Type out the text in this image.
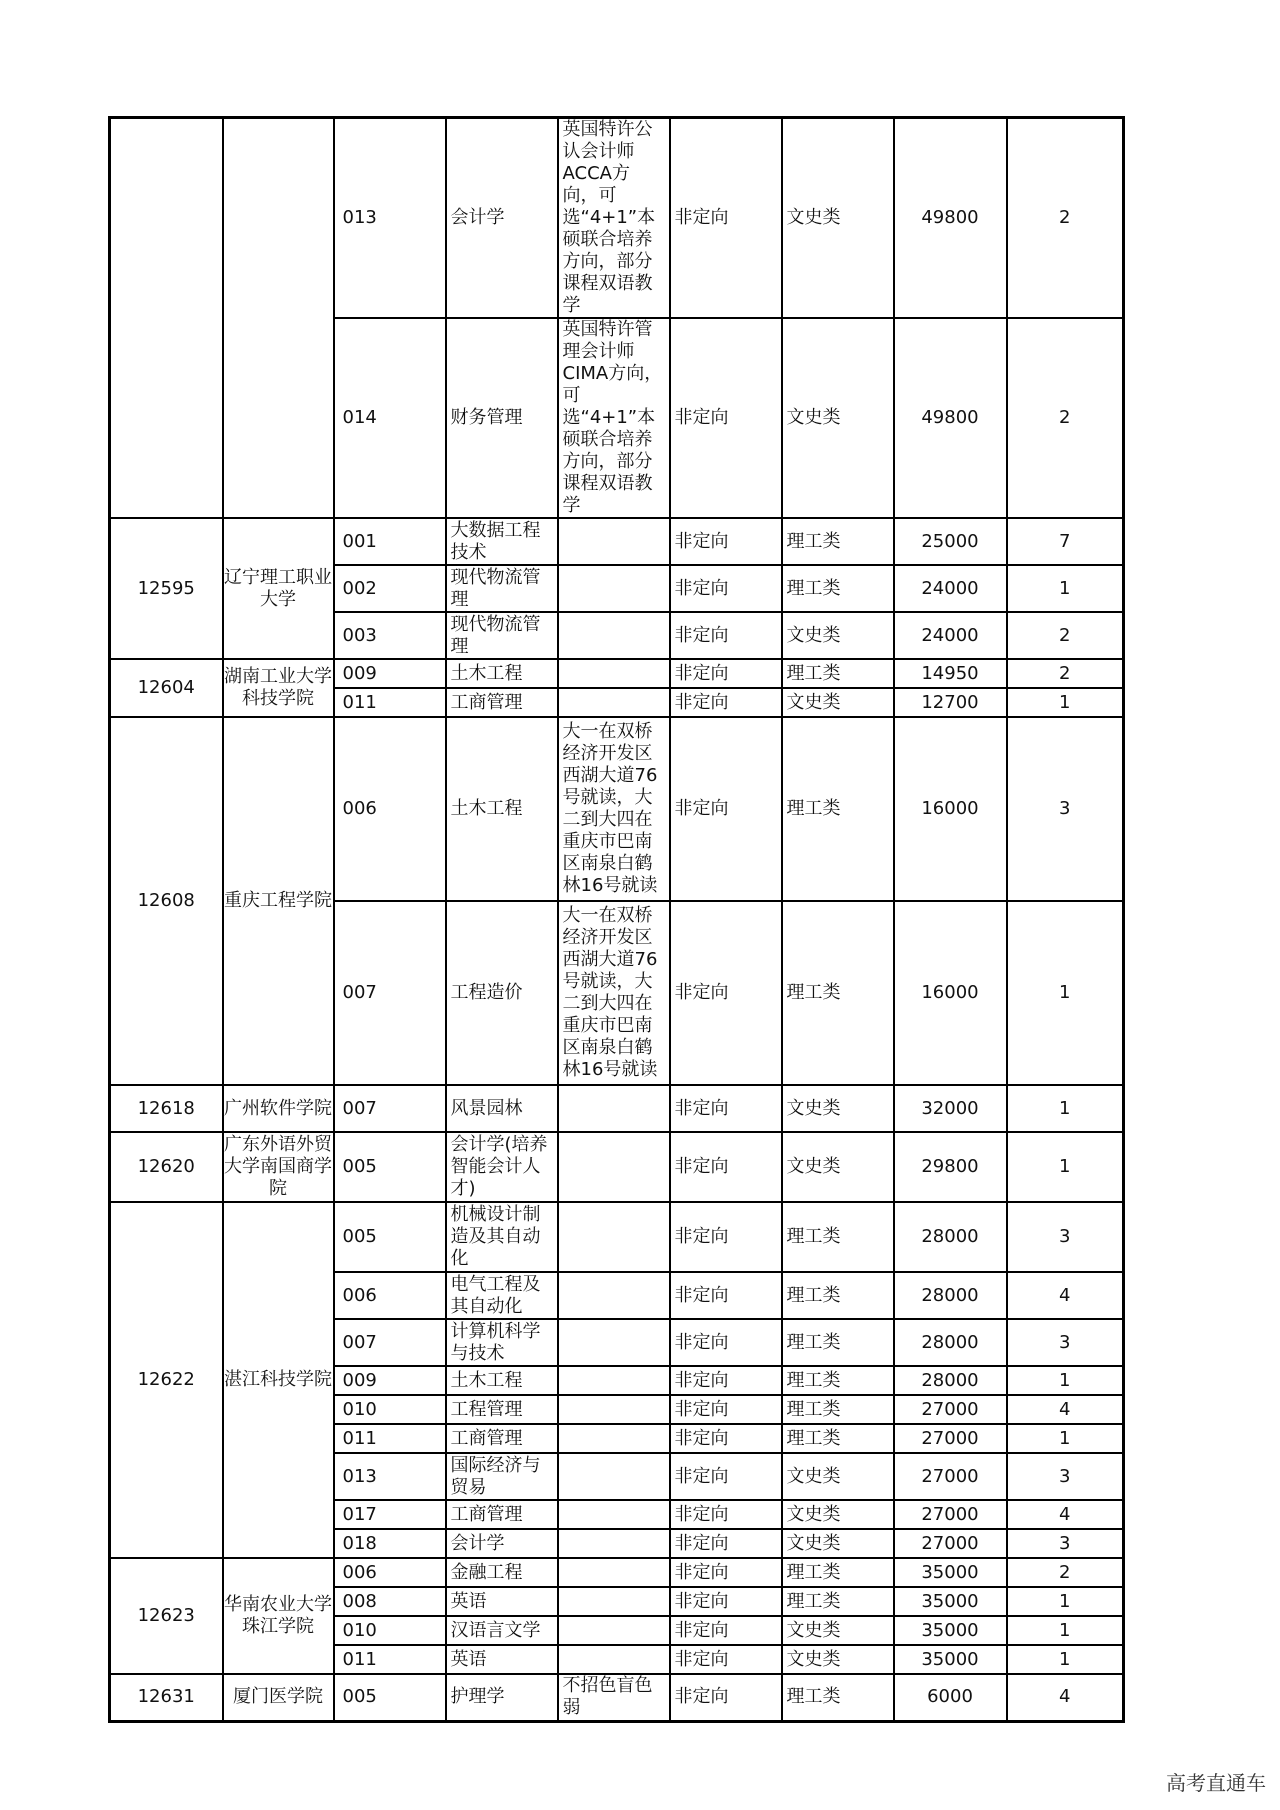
		013	会计学	英国特许公认会计师ACCA方向，可选“4+1”本硕联合培养方向，部分课程双语教学	非定向	文史类	49800	2
		014	财务管理	英国特许管理会计师CIMA方向，可选“4+1”本硕联合培养方向，部分课程双语教学	非定向	文史类	49800	2
12595	辽宁理工职业大学	001	大数据工程技术		非定向	理工类	25000	7
		002	现代物流管理		非定向	理工类	24000	1
		003	现代物流管理		非定向	文史类	24000	2
12604	湖南工业大学科技学院	009	土木工程		非定向	理工类	14950	2
		011	工商管理		非定向	文史类	12700	1
12608	重庆工程学院	006	土木工程	大一在双桥经济开发区西湖大道76号就读，大二到大四在重庆市巴南区南泉白鹤林16号就读	非定向	理工类	16000	3
		007	工程造价	大一在双桥经济开发区西湖大道76号就读，大二到大四在重庆市巴南区南泉白鹤林16号就读	非定向	理工类	16000	1
12618	广州软件学院	007	风景园林		非定向	文史类	32000	1
12620	广东外语外贸大学南国商学院	005	会计学(培养智能会计人才)		非定向	文史类	29800	1
12622	湛江科技学院	005	机械设计制造及其自动化		非定向	理工类	28000	3
		006	电气工程及其自动化		非定向	理工类	28000	4
		007	计算机科学与技术		非定向	理工类	28000	3
		009	土木工程		非定向	理工类	28000	1
		010	工程管理		非定向	理工类	27000	4
		011	工商管理		非定向	理工类	27000	1
		013	国际经济与贸易		非定向	文史类	27000	3
		017	工商管理		非定向	文史类	27000	4
		018	会计学		非定向	文史类	27000	3
12623	华南农业大学珠江学院	006	金融工程		非定向	理工类	35000	2
		008	英语		非定向	理工类	35000	1
		010	汉语言文学		非定向	文史类	35000	1
		011	英语		非定向	文史类	35000	1
12631	厦门医学院	005	护理学	不招色盲色弱	非定向	理工类	6000	4
高考直通车
